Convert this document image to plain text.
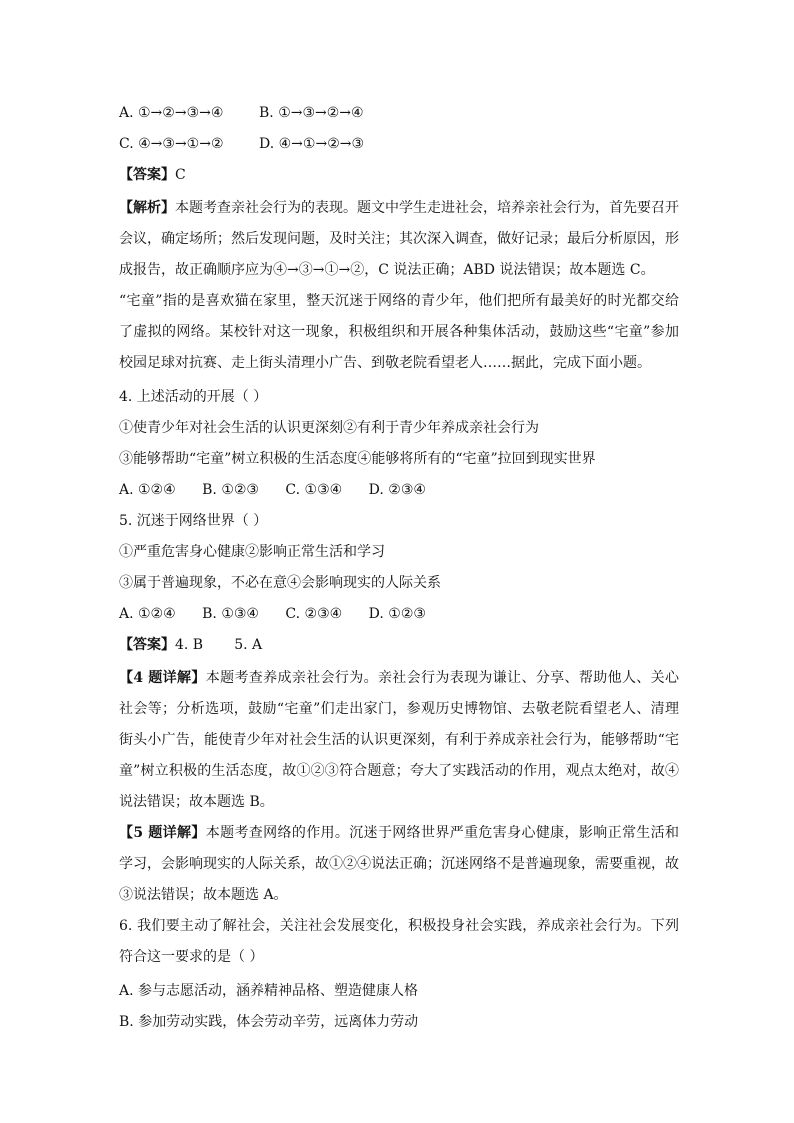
A. ①→②→③→④	B. ①→③→②→④
C. ④→③→①→②	D. ④→①→②→③
【答案】C
【解析】本题考查亲社会行为的表现。题文中学生走进社会，培养亲社会行为，首先要召开会议，确定场所；然后发现问题，及时关注；其次深入调查，做好记录；最后分析原因，形成报告，故正确顺序应为④→③→①→②，C 说法正确；ABD 说法错误；故本题选 C。
“宅童”指的是喜欢猫在家里，整天沉迷于网络的青少年，他们把所有最美好的时光都交给了虚拟的网络。某校针对这一现象，积极组织和开展各种集体活动，鼓励这些“宅童”参加校园足球对抗赛、走上街头清理小广告、到敬老院看望老人……据此，完成下面小题。
4. 上述活动的开展（ ）
①使青少年对社会生活的认识更深刻②有利于青少年养成亲社会行为
③能够帮助“宅童”树立积极的生活态度④能够将所有的“宅童”拉回到现实世界
A. ①②④ B. ①②③ C. ①③④ D. ②③④
5. 沉迷于网络世界（ ）
①严重危害身心健康②影响正常生活和学习
③属于普遍现象，不必在意④会影响现实的人际关系
A. ①②④ B. ①③④ C. ②③④ D. ①②③
【答案】4. B       5. A
【4 题详解】本题考查养成亲社会行为。亲社会行为表现为谦让、分享、帮助他人、关心社会等；分析选项，鼓励“宅童”们走出家门，参观历史博物馆、去敬老院看望老人、清理街头小广告，能使青少年对社会生活的认识更深刻，有利于养成亲社会行为，能够帮助“宅童”树立积极的生活态度，故①②③符合题意；夸大了实践活动的作用，观点太绝对，故④说法错误；故本题选 B。
【5 题详解】本题考查网络的作用。沉迷于网络世界严重危害身心健康，影响正常生活和学习，会影响现实的人际关系，故①②④说法正确；沉迷网络不是普遍现象，需要重视，故③说法错误；故本题选 A。
6. 我们要主动了解社会，关注社会发展变化，积极投身社会实践，养成亲社会行为。下列符合这一要求的是（ ）
A. 参与志愿活动，涵养精神品格、塑造健康人格
B. 参加劳动实践，体会劳动辛劳，远离体力劳动
